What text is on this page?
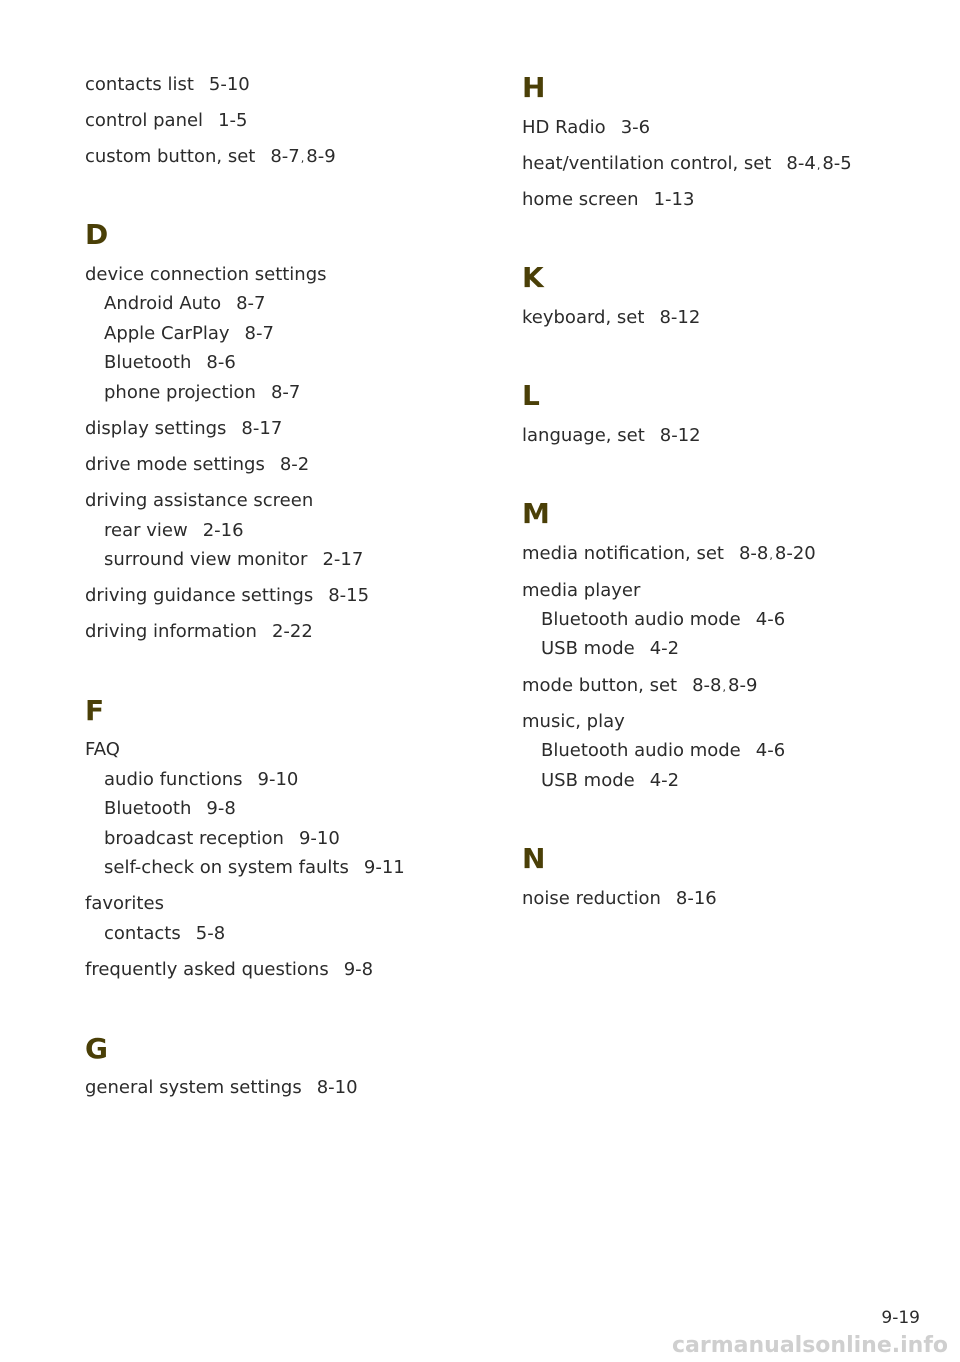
contacts list 5-10
control panel 1-5
custom button, set 8-7, 8-9
D
device connection settings
Android Auto 8-7
Apple CarPlay 8-7
Bluetooth 8-6
phone projection 8-7
display settings 8-17
drive mode settings 8-2
driving assistance screen
rear view 2-16
surround view monitor 2-17
driving guidance settings 8-15
driving information 2-22
F
FAQ
audio functions 9-10
Bluetooth 9-8
broadcast reception 9-10
self-check on system faults 9-11
favorites
contacts 5-8
frequently asked questions 9-8
G
general system settings 8-10
H
HD Radio 3-6
heat/ventilation control, set 8-4, 8-5
home screen 1-13
K
keyboard, set 8-12
L
language, set 8-12
M
media notification, set 8-8, 8-20
media player
Bluetooth audio mode 4-6
USB mode 4-2
mode button, set 8-8, 8-9
music, play
Bluetooth audio mode 4-6
USB mode 4-2
N
noise reduction 8-16
9-19
carmanualsonline.info
